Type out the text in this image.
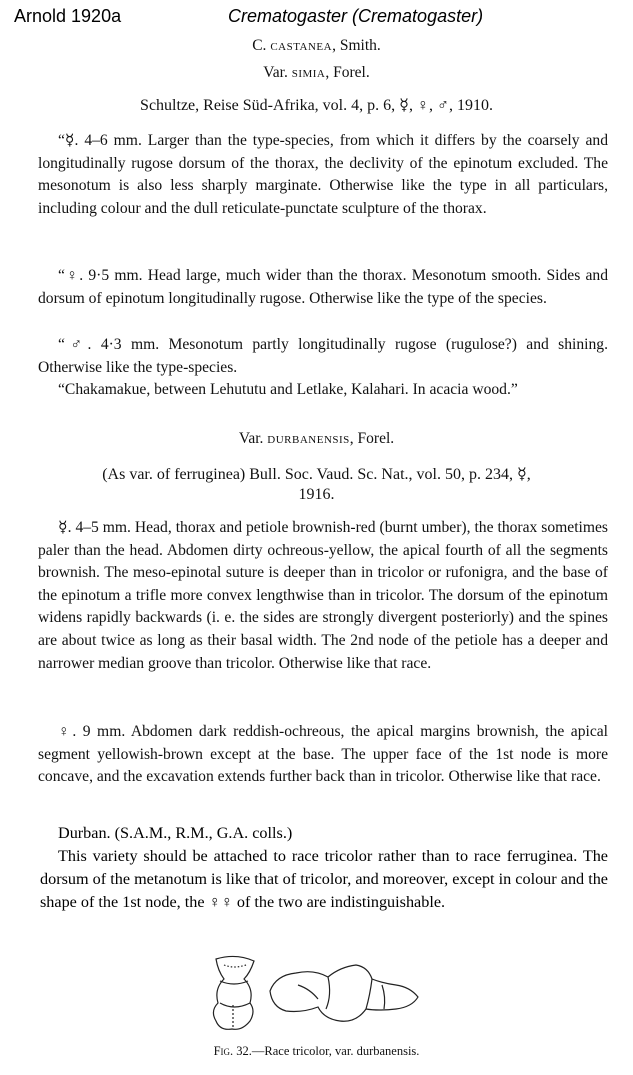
Arnold 1920a	Crematogaster (Crematogaster)
C. castanea, Smith.
Var. simia, Forel.
Schultze, Reise Süd-Afrika, vol. 4, p. 6, ☿, ♀, ♂, 1910.

“☿. 4–6 mm. Larger than the type-species, from which it differs by the coarsely and longitudinally rugose dorsum of the thorax, the declivity of the epinotum excluded. The mesonotum is also less sharply marginate. Otherwise like the type in all particulars, including colour and the dull reticulate-punctate sculpture of the thorax.

“♀. 9·5 mm. Head large, much wider than the thorax. Mesonotum smooth. Sides and dorsum of epinotum longitudinally rugose. Otherwise like the type of the species.

“♂. 4·3 mm. Mesonotum partly longitudinally rugose (rugulose?) and shining. Otherwise like the type-species.

“Chakamakue, between Lehututu and Letlake, Kalahari. In acacia wood.”

Var. durbanensis, Forel.
(As var. of ferruginea) Bull. Soc. Vaud. Sc. Nat., vol. 50, p. 234, ☿,
1916.

☿. 4–5 mm. Head, thorax and petiole brownish-red (burnt umber), the thorax sometimes paler than the head. Abdomen dirty ochreous-yellow, the apical fourth of all the segments brownish. The meso-epinotal suture is deeper than in tricolor or rufonigra, and the base of the epinotum a trifle more convex lengthwise than in tricolor. The dorsum of the epinotum widens rapidly backwards (i. e. the sides are strongly divergent posteriorly) and the spines are about twice as long as their basal width. The 2nd node of the petiole has a deeper and narrower median groove than tricolor. Otherwise like that race.

♀. 9 mm. Abdomen dark reddish-ochreous, the apical margins brownish, the apical segment yellowish-brown except at the base. The upper face of the 1st node is more concave, and the excavation extends further back than in tricolor. Otherwise like that race.

Durban. (S.A.M., R.M., G.A. colls.)

This variety should be attached to race tricolor rather than to race ferruginea. The dorsum of the metanotum is like that of tricolor, and moreover, except in colour and the shape of the 1st node, the ♀♀ of the two are indistinguishable.

Fig. 32.—Race tricolor, var. durbanensis.
